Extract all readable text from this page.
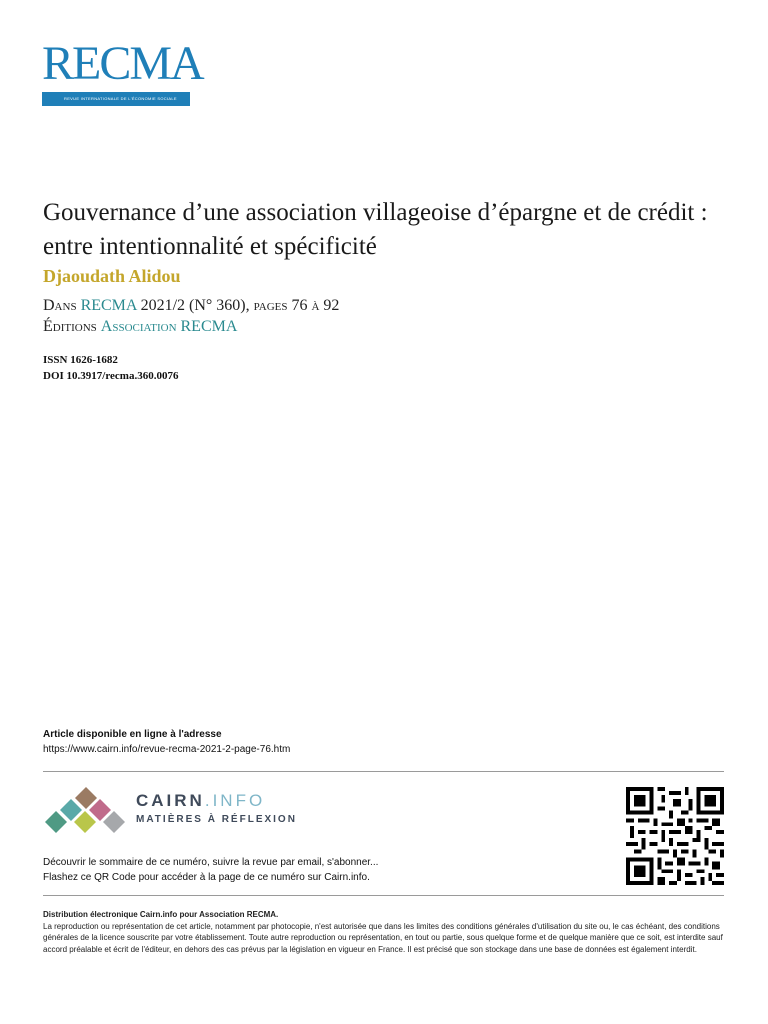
RECMA
REVUE INTERNATIONALE DE L'ÉCONOMIE SOCIALE
Gouvernance d’une association villageoise d’épargne et de crédit : entre intentionnalité et spécificité
Djaoudath Alidou
Dans RECMA 2021/2 (N° 360), pages 76 à 92
Éditions Association RECMA
ISSN 1626-1682
DOI 10.3917/recma.360.0076
Article disponible en ligne à l'adresse
https://www.cairn.info/revue-recma-2021-2-page-76.htm
CAIRN.INFO
MATIÈRES À RÉFLEXION
Découvrir le sommaire de ce numéro, suivre la revue par email, s'abonner...
Flashez ce QR Code pour accéder à la page de ce numéro sur Cairn.info.
Distribution électronique Cairn.info pour Association RECMA.
La reproduction ou représentation de cet article, notamment par photocopie, n'est autorisée que dans les limites des conditions générales d'utilisation du site ou, le cas échéant, des conditions générales de la licence souscrite par votre établissement. Toute autre reproduction ou représentation, en tout ou partie, sous quelque forme et de quelque manière que ce soit, est interdite sauf accord préalable et écrit de l'éditeur, en dehors des cas prévus par la législation en vigueur en France. Il est précisé que son stockage dans une base de données est également interdit.
